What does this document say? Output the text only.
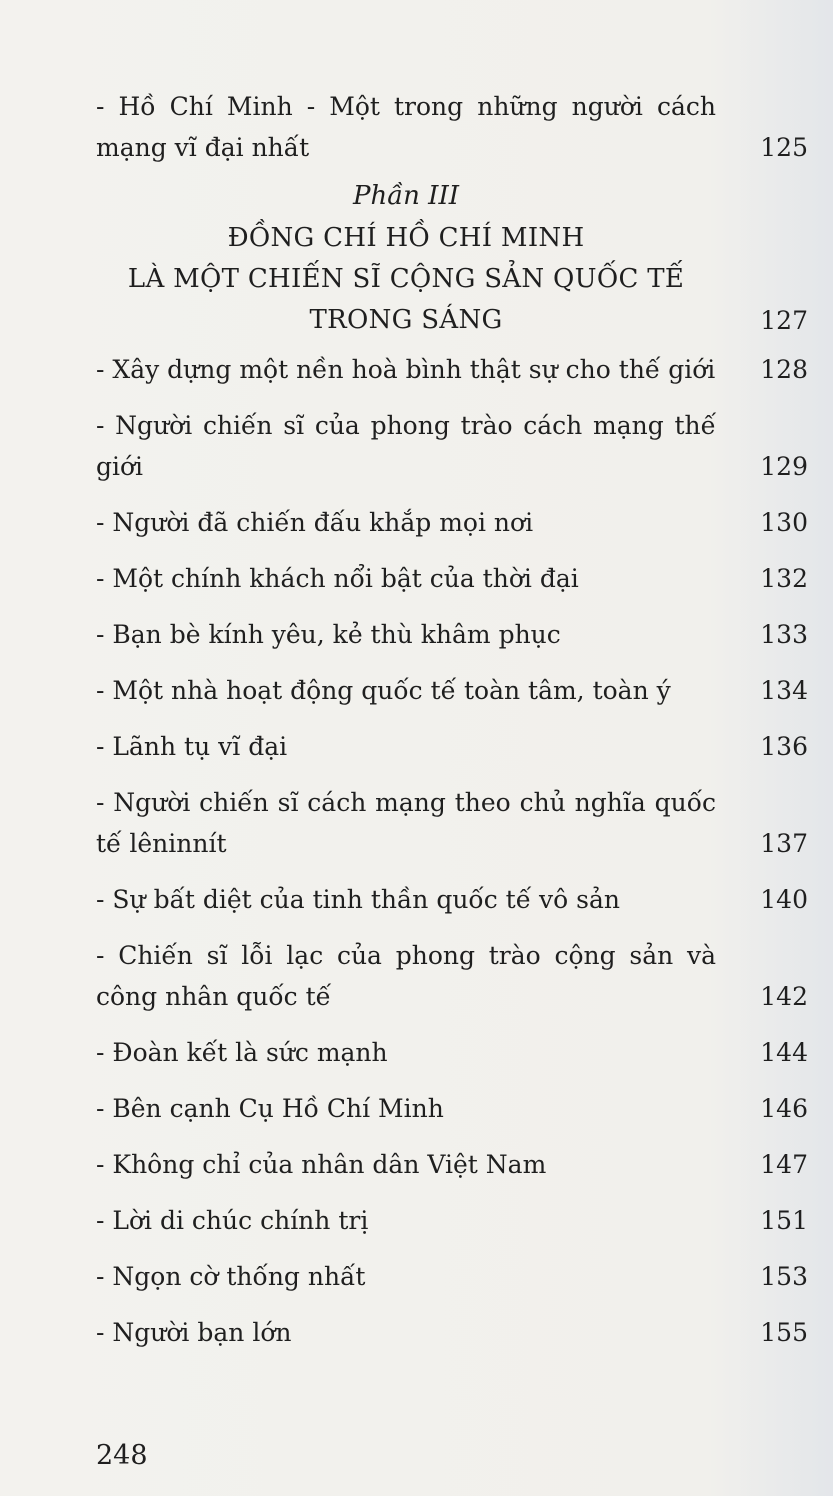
- Hồ Chí Minh - Một trong những người cách mạng vĩ đại nhất	125
Phần III
ĐỒNG CHÍ HỒ CHÍ MINH
LÀ MỘT CHIẾN SĨ CỘNG SẢN QUỐC TẾ
TRONG SÁNG	127
- Xây dựng một nền hoà bình thật sự cho thế giới	128
- Người chiến sĩ của phong trào cách mạng thế giới	129
- Người đã chiến đấu khắp mọi nơi	130
- Một chính khách nổi bật của thời đại	132
- Bạn bè kính yêu, kẻ thù khâm phục	133
- Một nhà hoạt động quốc tế toàn tâm, toàn ý	134
- Lãnh tụ vĩ đại	136
- Người chiến sĩ cách mạng theo chủ nghĩa quốc tế lêninnít	137
- Sự bất diệt của tinh thần quốc tế vô sản	140
- Chiến sĩ lỗi lạc của phong trào cộng sản và công nhân quốc tế	142
- Đoàn kết là sức mạnh	144
- Bên cạnh Cụ Hồ Chí Minh	146
- Không chỉ của nhân dân Việt Nam	147
- Lời di chúc chính trị	151
- Ngọn cờ thống nhất	153
- Người bạn lớn	155
248
